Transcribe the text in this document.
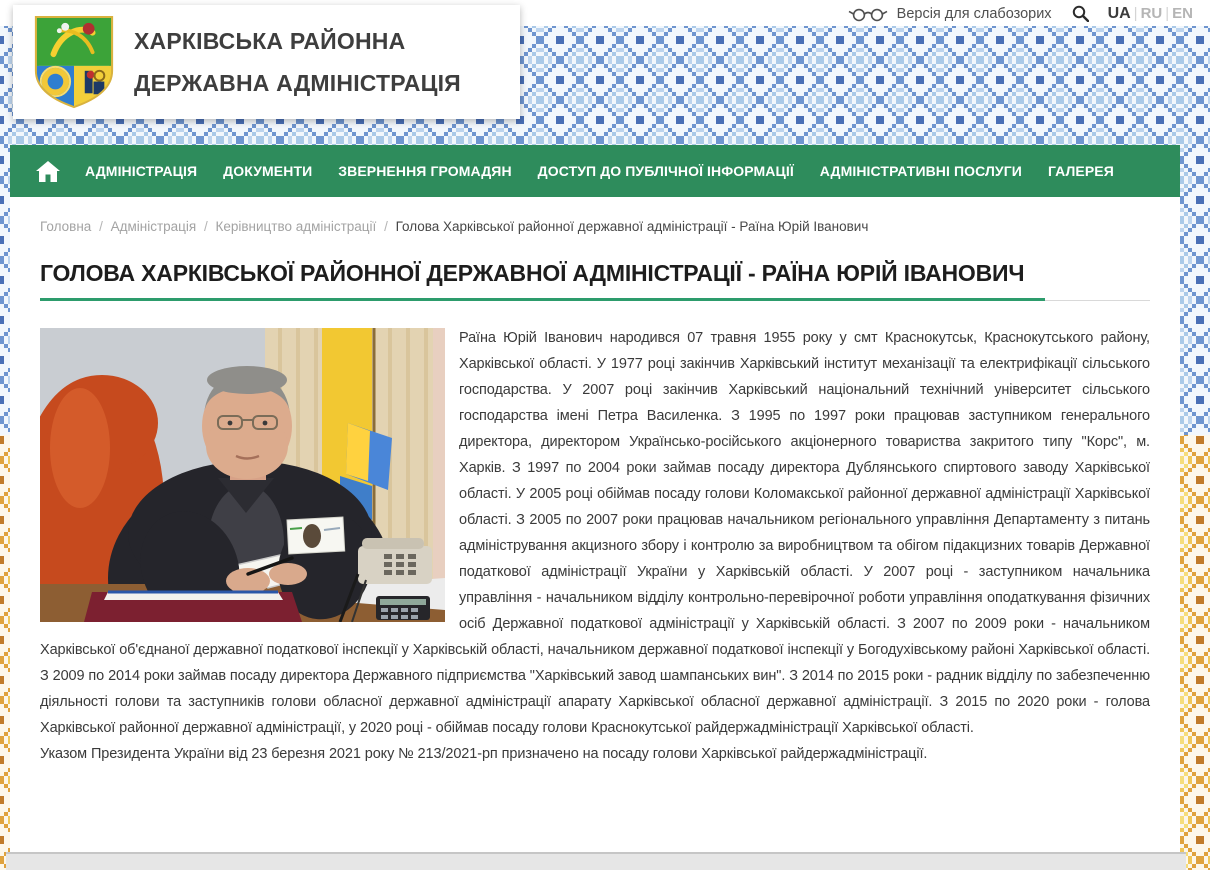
Версія для слабозорих	UA | RU | EN
ХАРКІВСЬКА РАЙОННА
ДЕРЖАВНА АДМІНІСТРАЦІЯ
АДМІНІСТРАЦІЯ	ДОКУМЕНТИ	ЗВЕРНЕННЯ ГРОМАДЯН	ДОСТУП ДО ПУБЛІЧНОЇ ІНФОРМАЦІЇ	АДМІНІСТРАТИВНІ ПОСЛУГИ	ГАЛЕРЕЯ
Головна / Адміністрація / Керівництво адміністрації / Голова Харківської районної державної адміністрації - Раїна Юрій Іванович
ГОЛОВА ХАРКІВСЬКОЇ РАЙОННОЇ ДЕРЖАВНОЇ АДМІНІСТРАЦІЇ - РАЇНА ЮРІЙ ІВАНОВИЧ

Раїна Юрій Іванович народився 07 травня 1955 року у смт Краснокутськ, Краснокутського району, Харківської області. У 1977 році закінчив Харківський інститут механізації та електрифікації сільського господарства. У 2007 році закінчив Харківський національний технічний університет сільського господарства імені Петра Василенка. З 1995 по 1997 роки працював заступником генерального директора, директором Українсько-російського акціонерного товариства закритого типу "Корс", м. Харків. З 1997 по 2004 роки займав посаду директора Дублянського спиртового заводу Харківської області. У 2005 році обіймав посаду голови Коломакської районної державної адміністрації Харківської області. З 2005 по 2007 роки працював начальником регіонального управління Департаменту з питань адміністрування акцизного збору і контролю за виробництвом та обігом підакцизних товарів Державної податкової адміністрації України у Харківській області. У 2007 році - заступником начальника управління - начальником відділу контрольно-перевірочної роботи управління оподаткування фізичних осіб Державної податкової адміністрації у Харківській області. З 2007 по 2009 роки - начальником Харківської об'єднаної державної податкової інспекції у Харківській області, начальником державної податкової інспекції у Богодухівському районі Харківської області. З 2009 по 2014 роки займав посаду директора Державного підприємства "Харківський завод шампанських вин". З 2014 по 2015 роки - радник відділу по забезпеченню діяльності голови та заступників голови обласної державної адміністрації апарату Харківської обласної державної адміністрації. З 2015 по 2020 роки - голова Харківської районної державної адміністрації, у 2020 році - обіймав посаду голови Краснокутської райдержадміністрації Харківської області.

Указом Президента України від 23 березня 2021 року № 213/2021-рп призначено на посаду голови Харківської райдержадміністрації.
